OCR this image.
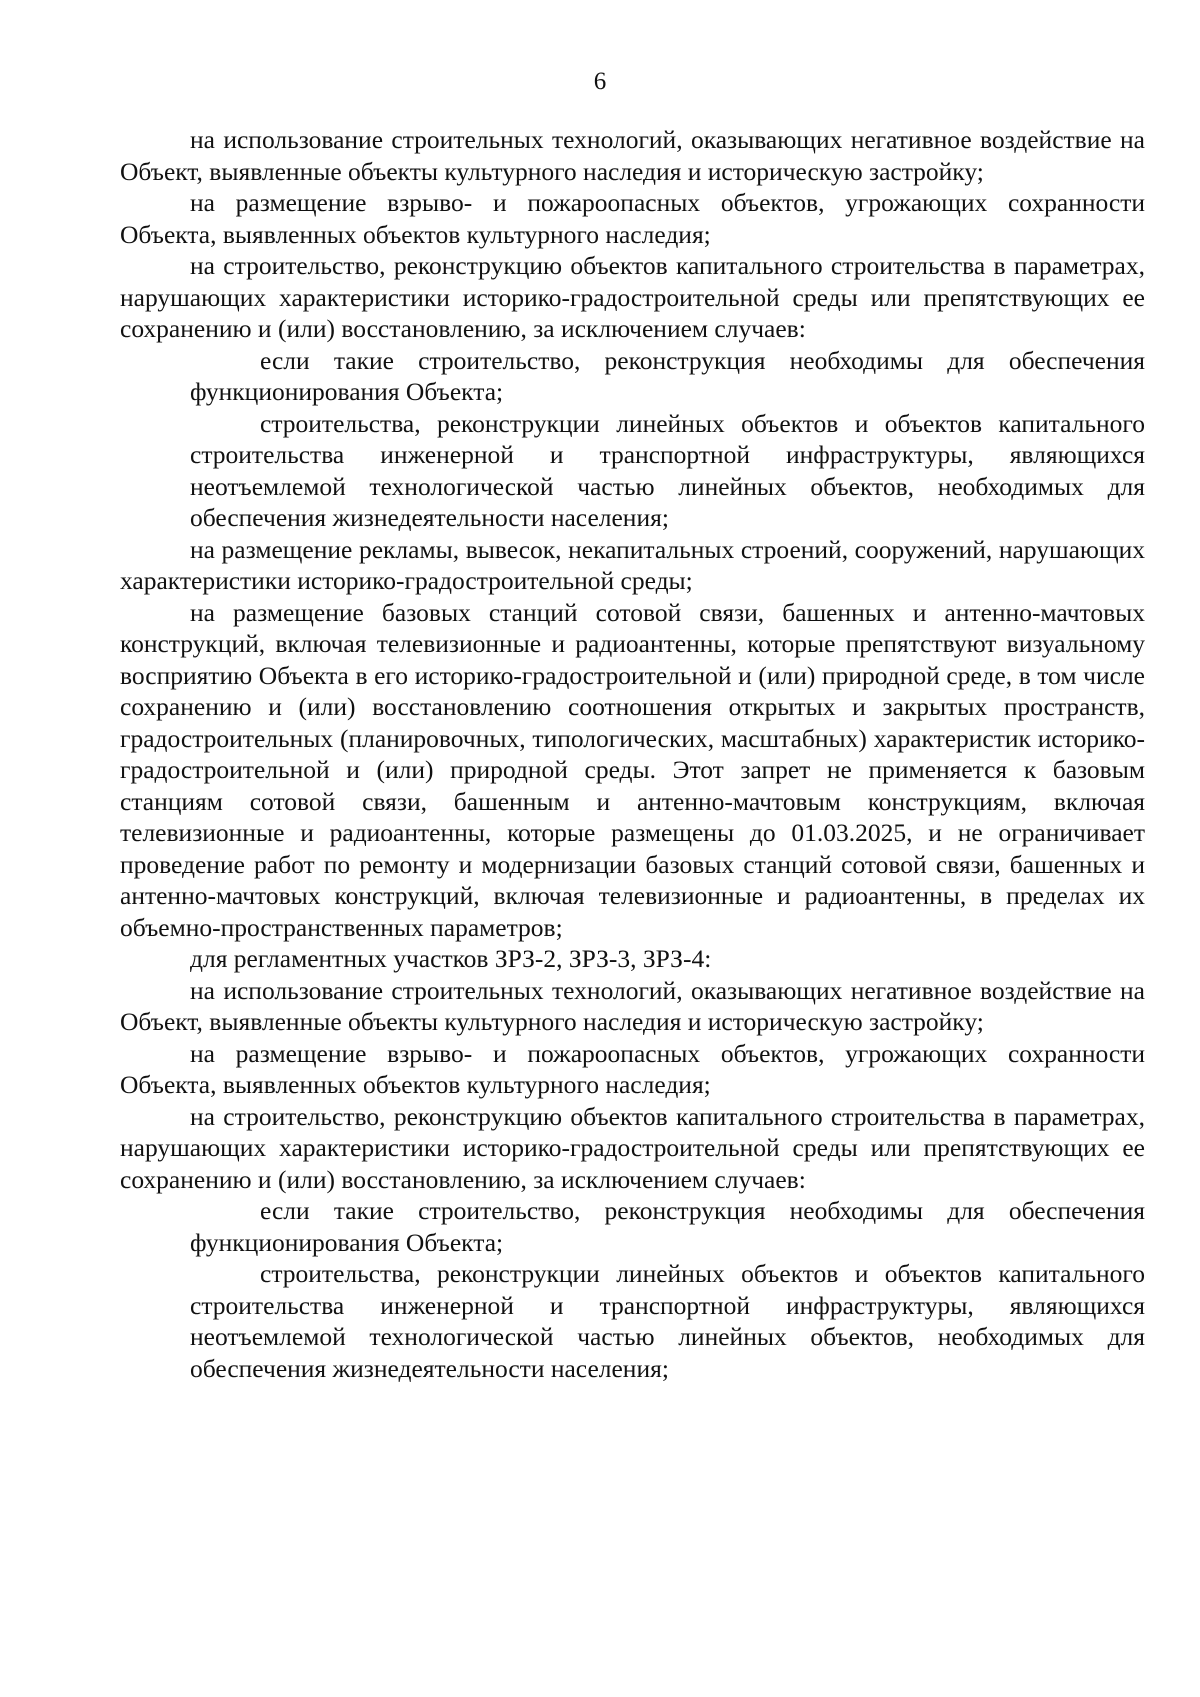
6

на использование строительных технологий, оказывающих негативное воздействие на Объект, выявленные объекты культурного наследия и историческую застройку;

на размещение взрыво- и пожароопасных объектов, угрожающих сохранности Объекта, выявленных объектов культурного наследия;

на строительство, реконструкцию объектов капитального строительства в параметрах, нарушающих характеристики историко-градостроительной среды или препятствующих ее сохранению и (или) восстановлению, за исключением случаев:

если такие строительство, реконструкция необходимы для обеспечения функционирования Объекта;

строительства, реконструкции линейных объектов и объектов капитального строительства инженерной и транспортной инфраструктуры, являющихся неотъемлемой технологической частью линейных объектов, необходимых для обеспечения жизнедеятельности населения;

на размещение рекламы, вывесок, некапитальных строений, сооружений, нарушающих характеристики историко-градостроительной среды;

на размещение базовых станций сотовой связи, башенных и антенно-мачтовых конструкций, включая телевизионные и радиоантенны, которые препятствуют визуальному восприятию Объекта в его историко-градостроительной и (или) природной среде, в том числе сохранению и (или) восстановлению соотношения открытых и закрытых пространств, градостроительных (планировочных, типологических, масштабных) характеристик историко-градостроительной и (или) природной среды. Этот запрет не применяется к базовым станциям сотовой связи, башенным и антенно-мачтовым конструкциям, включая телевизионные и радиоантенны, которые размещены до 01.03.2025, и не ограничивает проведение работ по ремонту и модернизации базовых станций сотовой связи, башенных и антенно-мачтовых конструкций, включая телевизионные и радиоантенны, в пределах их объемно-пространственных параметров;

для регламентных участков ЗРЗ-2, ЗРЗ-3, ЗРЗ-4:

на использование строительных технологий, оказывающих негативное воздействие на Объект, выявленные объекты культурного наследия и историческую застройку;

на размещение взрыво- и пожароопасных объектов, угрожающих сохранности Объекта, выявленных объектов культурного наследия;

на строительство, реконструкцию объектов капитального строительства в параметрах, нарушающих характеристики историко-градостроительной среды или препятствующих ее сохранению и (или) восстановлению, за исключением случаев:

если такие строительство, реконструкция необходимы для обеспечения функционирования Объекта;

строительства, реконструкции линейных объектов и объектов капитального строительства инженерной и транспортной инфраструктуры, являющихся неотъемлемой технологической частью линейных объектов, необходимых для обеспечения жизнедеятельности населения;
